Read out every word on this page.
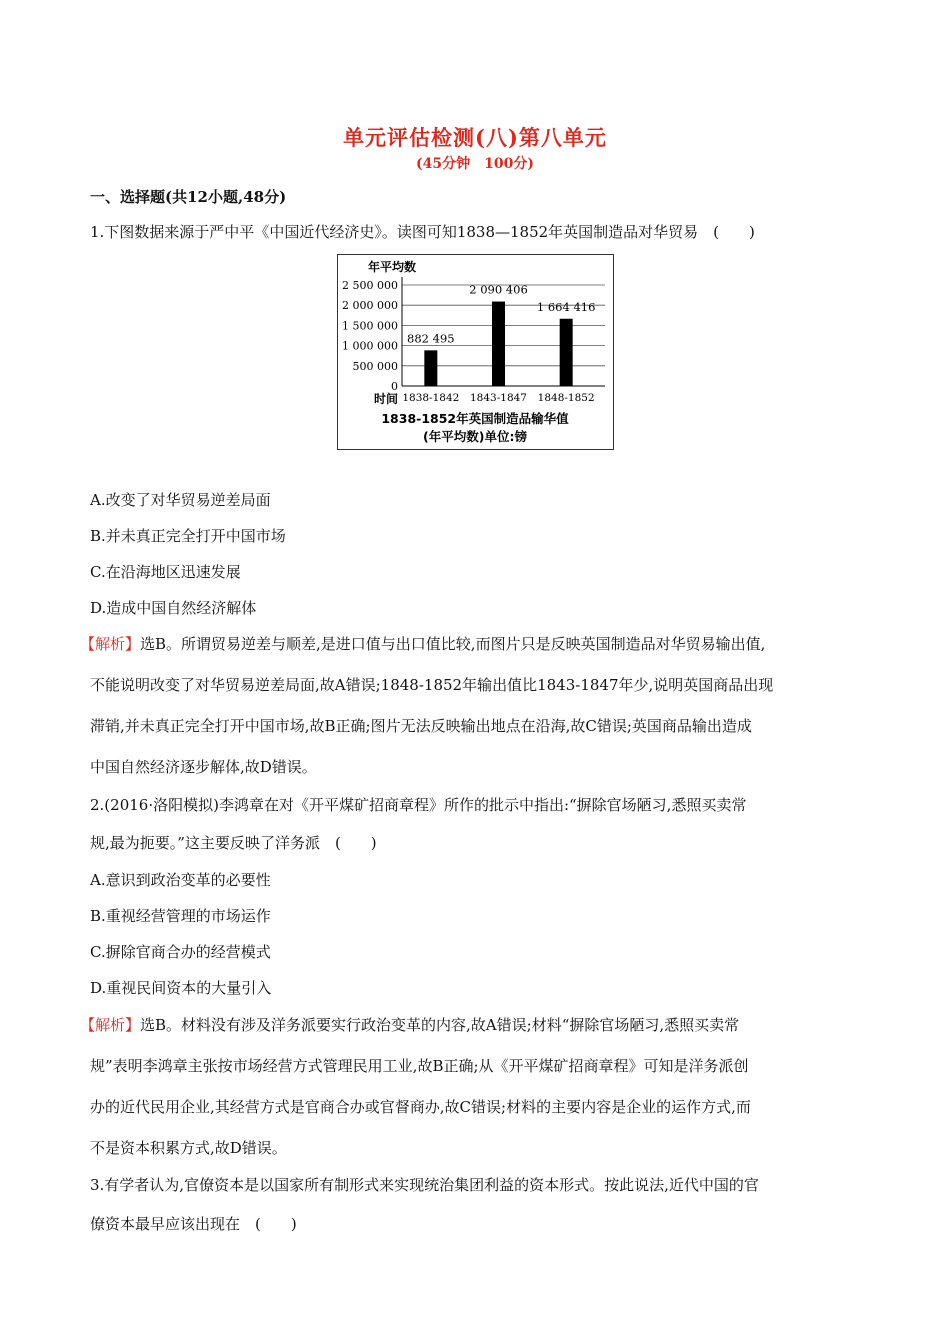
单元评估检测(八)第八单元
(45分钟　100分)
一、选择题(共12小题,48分)
1.下图数据来源于严中平《中国近代经济史》。读图可知1838—1852年英国制造品对华贸易　(　　)
年平均数
0
500 000
1 000 000
1 500 000
2 000 000
2 500 000
882 495
1838-1842
2 090 406
1843-1847
1 664 416
1848-1852
时间
1838-1852年英国制造品输华值
(年平均数)单位:镑
A.改变了对华贸易逆差局面
B.并未真正完全打开中国市场
C.在沿海地区迅速发展
D.造成中国自然经济解体
【解析】选B。所谓贸易逆差与顺差,是进口值与出口值比较,而图片只是反映英国制造品对华贸易输出值,
不能说明改变了对华贸易逆差局面,故A错误;1848-1852年输出值比1843-1847年少,说明英国商品出现
滞销,并未真正完全打开中国市场,故B正确;图片无法反映输出地点在沿海,故C错误;英国商品输出造成
中国自然经济逐步解体,故D错误。
2.(2016·洛阳模拟)李鸿章在对《开平煤矿招商章程》所作的批示中指出:“摒除官场陋习,悉照买卖常
规,最为扼要。”这主要反映了洋务派　(　　)
A.意识到政治变革的必要性
B.重视经营管理的市场运作
C.摒除官商合办的经营模式
D.重视民间资本的大量引入
【解析】选B。材料没有涉及洋务派要实行政治变革的内容,故A错误;材料“摒除官场陋习,悉照买卖常
规”表明李鸿章主张按市场经营方式管理民用工业,故B正确;从《开平煤矿招商章程》可知是洋务派创
办的近代民用企业,其经营方式是官商合办或官督商办,故C错误;材料的主要内容是企业的运作方式,而
不是资本积累方式,故D错误。
3.有学者认为,官僚资本是以国家所有制形式来实现统治集团利益的资本形式。按此说法,近代中国的官
僚资本最早应该出现在　(　　)
